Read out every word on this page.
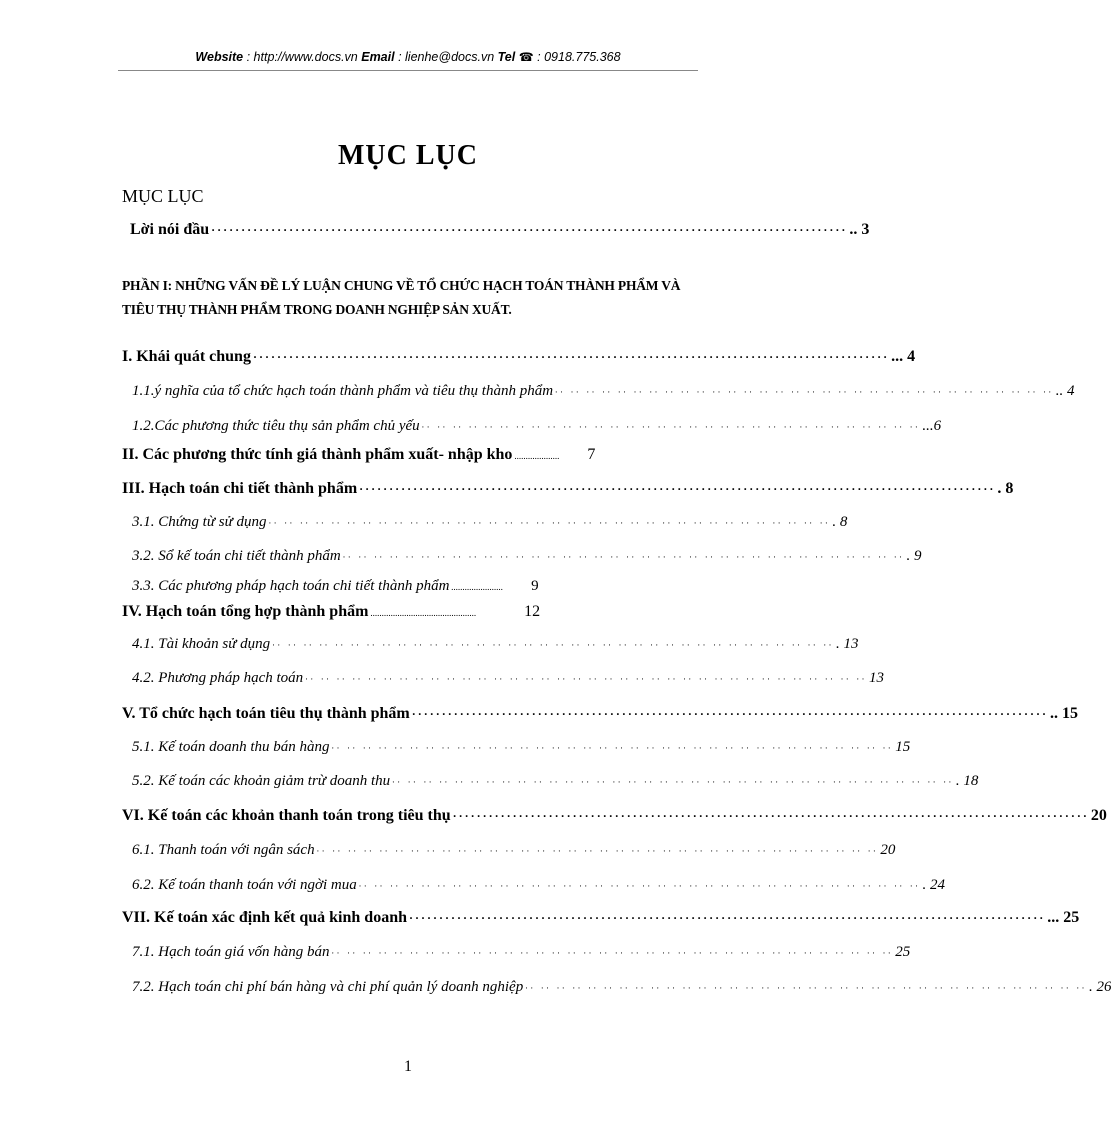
Website : http://www.docs.vn Email : lienhe@docs.vn Tel ☎ : 0918.775.368
MỤC LỤC
MỤC LỤC
Lời nói đầu ·········································································································· .. 3
PHẦN I: NHỮNG VẤN ĐỀ LÝ LUẬN CHUNG VỀ TỔ CHỨC HẠCH TOÁN THÀNH PHẨM VÀ TIÊU THỤ THÀNH PHẨM TRONG DOANH NGHIỆP SẢN XUẤT.
I. Khái quát chung ·········································································································· ... 4
1.1.ý nghĩa của tổ chức hạch toán thành phẩm và tiêu thụ thành phẩm ·· ·· ·· ·· ·· ·· ·· ·· ·· ·· ·· ·· ·· ·· ·· ·· ·· ·· ·· ·· ·· ·· ·· ·· ·· ·· ·· ·· ·· ·· ·· ·· .. 4
1.2.Các phương thức tiêu thụ sản phẩm chủ yếu ·· ·· ·· ·· ·· ·· ·· ·· ·· ·· ·· ·· ·· ·· ·· ·· ·· ·· ·· ·· ·· ·· ·· ·· ·· ·· ·· ·· ·· ·· ·· ·· ...6
II. Các phương thức tính giá thành phẩm xuất- nhập kho .................... 7
III. Hạch toán chi tiết thành phẩm ·········································································································· . 8
3.1. Chứng từ sử dụng ·· ·· ·· ·· ·· ·· ·· ·· ·· ·· ·· ·· ·· ·· ·· ·· ·· ·· ·· ·· ·· ·· ·· ·· ·· ·· ·· ·· ·· ·· ·· ·· ·· ·· ·· ·· . 8
3.2. Sổ kế toán chi tiết thành phẩm ·· ·· ·· ·· ·· ·· ·· ·· ·· ·· ·· ·· ·· ·· ·· ·· ·· ·· ·· ·· ·· ·· ·· ·· ·· ·· ·· ·· ·· ·· ·· ·· ·· ·· ·· ·· . 9
3.3. Các phương pháp hạch toán chi tiết thành phẩm ....................... 9
IV. Hạch toán tổng hợp thành phẩm ...............................................	12
4.1. Tài khoản sử dụng ·· ·· ·· ·· ·· ·· ·· ·· ·· ·· ·· ·· ·· ·· ·· ·· ·· ·· ·· ·· ·· ·· ·· ·· ·· ·· ·· ·· ·· ·· ·· ·· ·· ·· ·· ·· . 13
4.2. Phương pháp hạch toán ·· ·· ·· ·· ·· ·· ·· ·· ·· ·· ·· ·· ·· ·· ·· ·· ·· ·· ·· ·· ·· ·· ·· ·· ·· ·· ·· ·· ·· ·· ·· ·· ·· ·· ·· ·· 13
V. Tổ chức hạch toán tiêu thụ thành phẩm ·········································································································· .. 15
5.1. Kế toán doanh thu bán hàng ·· ·· ·· ·· ·· ·· ·· ·· ·· ·· ·· ·· ·· ·· ·· ·· ·· ·· ·· ·· ·· ·· ·· ·· ·· ·· ·· ·· ·· ·· ·· ·· ·· ·· ·· ·· 15
5.2. Kế toán các khoản giảm trừ doanh thu ·· ·· ·· ·· ·· ·· ·· ·· ·· ·· ·· ·· ·· ·· ·· ·· ·· ·· ·· ·· ·· ·· ·· ·· ·· ·· ·· ·· ·· ·· ·· ·· ·· ·· ·· ·· . 18
VI. Kế toán các khoản thanh toán trong tiêu thụ ·········································································································· 20
6.1. Thanh toán với ngân sách ·· ·· ·· ·· ·· ·· ·· ·· ·· ·· ·· ·· ·· ·· ·· ·· ·· ·· ·· ·· ·· ·· ·· ·· ·· ·· ·· ·· ·· ·· ·· ·· ·· ·· ·· ·· 20
6.2. Kế toán thanh toán với ngời mua ·· ·· ·· ·· ·· ·· ·· ·· ·· ·· ·· ·· ·· ·· ·· ·· ·· ·· ·· ·· ·· ·· ·· ·· ·· ·· ·· ·· ·· ·· ·· ·· ·· ·· ·· ·· . 24
VII. Kế toán xác định kết quả kinh doanh ·········································································································· ... 25
7.1. Hạch toán giá vốn hàng bán ·· ·· ·· ·· ·· ·· ·· ·· ·· ·· ·· ·· ·· ·· ·· ·· ·· ·· ·· ·· ·· ·· ·· ·· ·· ·· ·· ·· ·· ·· ·· ·· ·· ·· ·· ·· 25
7.2. Hạch toán chi phí bán hàng và chi phí quản lý doanh nghiệp ·· ·· ·· ·· ·· ·· ·· ·· ·· ·· ·· ·· ·· ·· ·· ·· ·· ·· ·· ·· ·· ·· ·· ·· ·· ·· ·· ·· ·· ·· ·· ·· ·· ·· ·· ·· . 26
1
